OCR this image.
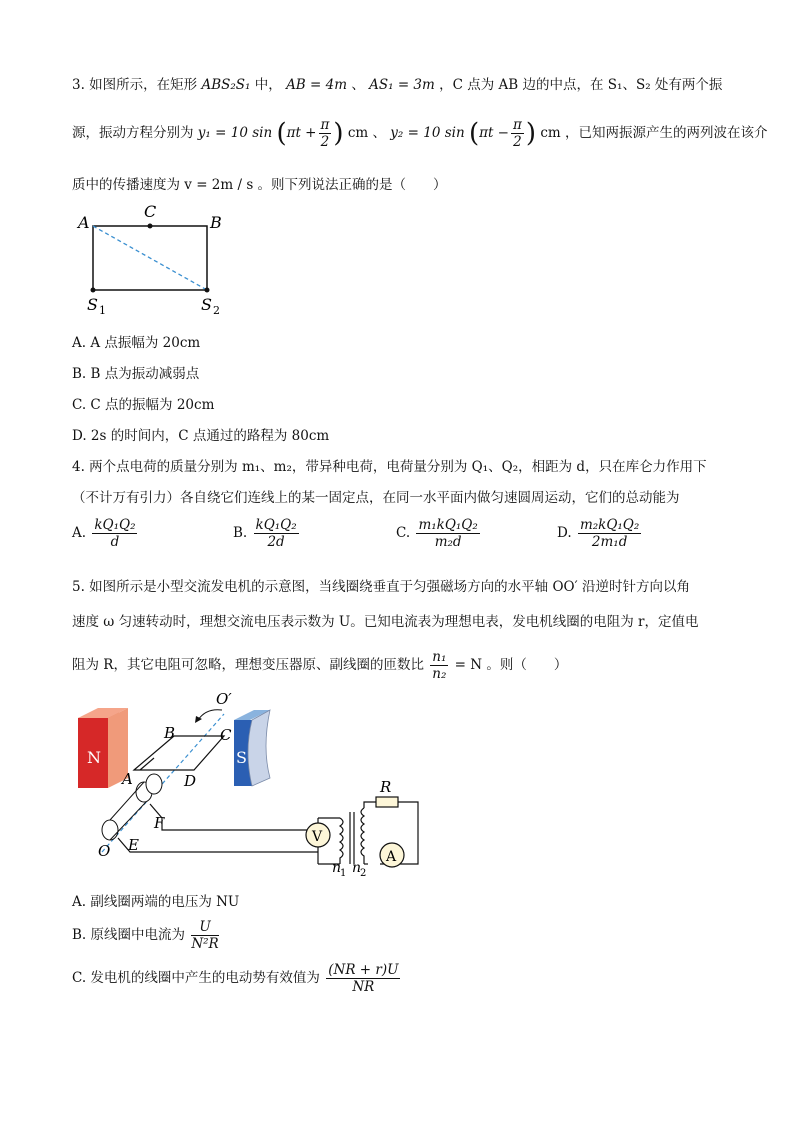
3. 如图所示，在矩形 ABS₂S₁ 中， AB = 4m 、 AS₁ = 3m ，C 点为 AB 边的中点，在 S₁、S₂ 处有两个振
源，振动方程分别为 y₁ = 10 $\sin (\pi t + \frac{\pi}{2}$ ) cm 、 y₂ = 10 $\sin (\pi t - \frac{\pi}{2}$ ) cm ，已知两振源产生的两列波在该介
质中的传播速度为 v = 2m / s 。则下列说法正确的是（　　）
A
C
B
S 1	S 2
A. A 点振幅为 20cm
B. B 点为振动减弱点
C. C 点的振幅为 20cm
D. 2s 的时间内，C 点通过的路程为 80cm
4. 两个点电荷的质量分别为 m₁、m₂，带异种电荷，电荷量分别为 Q₁、Q₂，相距为 d，只在库仑力作用下
（不计万有引力）各自绕它们连线上的某一固定点，在同一水平面内做匀速圆周运动，它们的总动能为
A. $\frac{\text{kQ₁Q₂}}{d}$	B. $\frac{\text{kQ₁Q₂}}{2d}$	C. $\frac{\text{m₁kQ₁Q₂}}{\text{m₂d}}$	D. $\frac{\text{m₂kQ₁Q₂}}{\text{2m₁d}}$
5. 如图所示是小型交流发电机的示意图，当线圈绕垂直于匀强磁场方向的水平轴 OO′ 沿逆时针方向以角
速度 ω 匀速转动时，理想交流电压表示数为 U。已知电流表为理想电表，发电机线圈的电阻为 r，定值电
阻为 R，其它电阻可忽略，理想变压器原、副线圈的匝数比 $\frac{\text{n₁}}{\text{n₂}} = N$ 。则（　　）
N	S
V
R
A
O′
B	C
A	D
F
E
O
n
1 n
2
A. 副线圈两端的电压为 NU
B. 原线圈中电流为 $\frac{U}{\text{N²R}}$
C. 发电机的线圈中产生的电动势有效值为 $\frac{(NR + r)U}{NR}$
